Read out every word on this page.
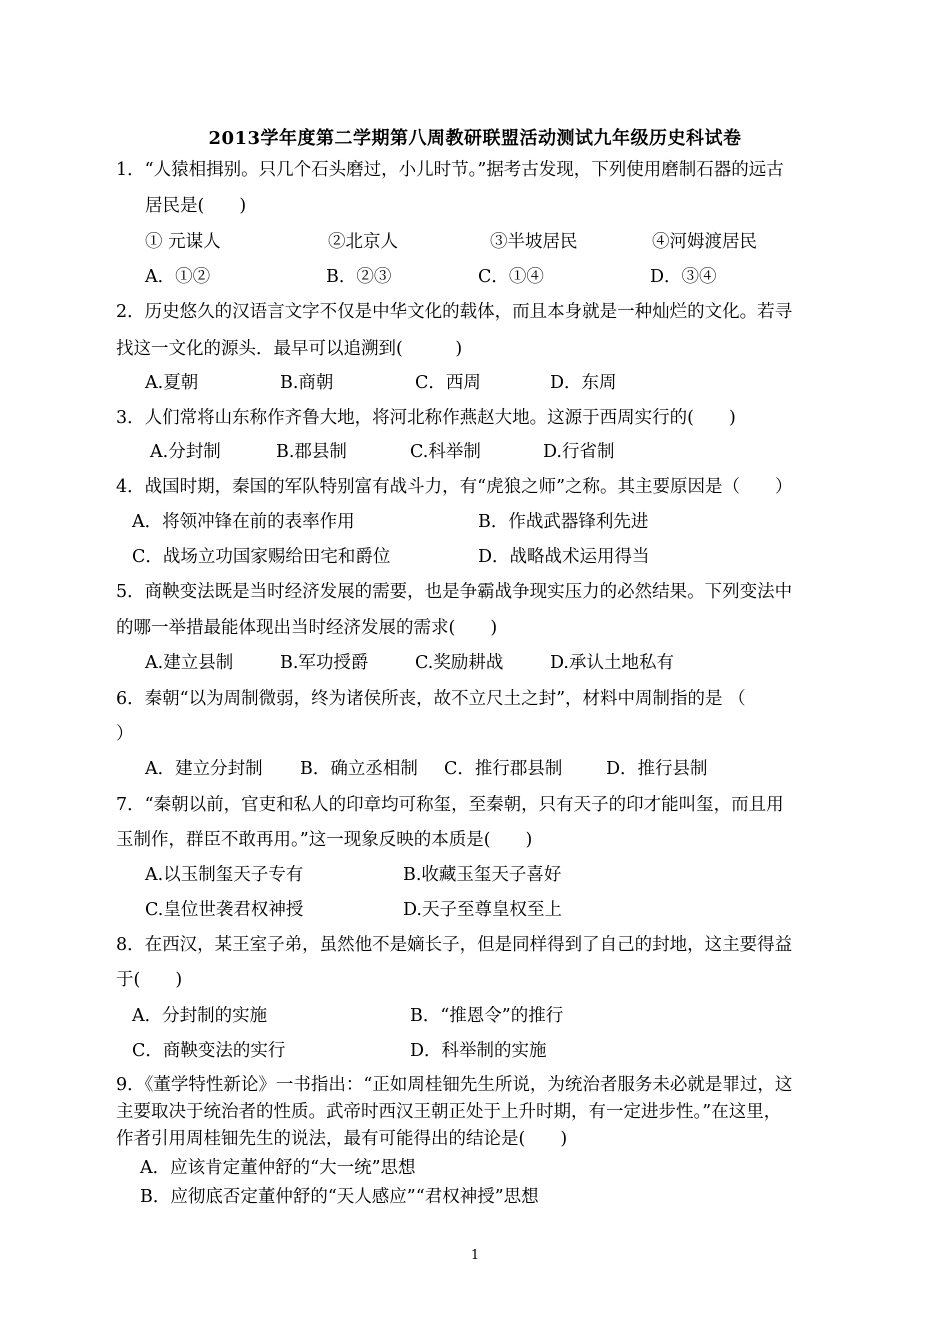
2013学年度第二学期第八周教研联盟活动测试九年级历史科试卷
1．“人猿相揖别。只几个石头磨过，小儿时节。”据考古发现，下列使用磨制石器的远古
居民是(　　)
① 元谋人	②北京人	③半坡居民	④河姆渡居民
A．①②	B．②③	C．①④	D．③④
2．历史悠久的汉语言文字不仅是中华文化的载体，而且本身就是一种灿烂的文化。若寻
找这一文化的源头．最早可以追溯到(　　　)
A.夏朝	B.商朝	C．西周	D．东周
3．人们常将山东称作齐鲁大地，将河北称作燕赵大地。这源于西周实行的(　　)
A.分封制	B.郡县制	C.科举制	D.行省制
4．战国时期，秦国的军队特别富有战斗力，有“虎狼之师”之称。其主要原因是（　　）
A．将领冲锋在前的表率作用	B．作战武器锋利先进
C．战场立功国家赐给田宅和爵位	D．战略战术运用得当
5．商鞅变法既是当时经济发展的需要，也是争霸战争现实压力的必然结果。下列变法中
的哪一举措最能体现出当时经济发展的需求(　　)
A.建立县制	B.军功授爵	C.奖励耕战	D.承认土地私有
6．秦朝“以为周制微弱，终为诸侯所丧，故不立尺土之封”，材料中周制指的是 （
）
A．建立分封制 B．确立丞相制 C．推行郡县制 D．推行县制
7．“秦朝以前，官吏和私人的印章均可称玺，至秦朝，只有天子的印才能叫玺，而且用
玉制作，群臣不敢再用。”这一现象反映的本质是(　　)
A.以玉制玺天子专有	B.收藏玉玺天子喜好
C.皇位世袭君权神授	D.天子至尊皇权至上
8．在西汉，某王室子弟，虽然他不是嫡长子，但是同样得到了自己的封地，这主要得益
于(　　)
A．分封制的实施	B．“推恩令”的推行
C．商鞅变法的实行	D．科举制的实施
9．《董学特性新论》一书指出：“正如周桂钿先生所说，为统治者服务未必就是罪过，这
主要取决于统治者的性质。武帝时西汉王朝正处于上升时期，有一定进步性。”在这里，
作者引用周桂钿先生的说法，最有可能得出的结论是(　　)
A．应该肯定董仲舒的“大一统”思想
B．应彻底否定董仲舒的“天人感应”“君权神授”思想
1
